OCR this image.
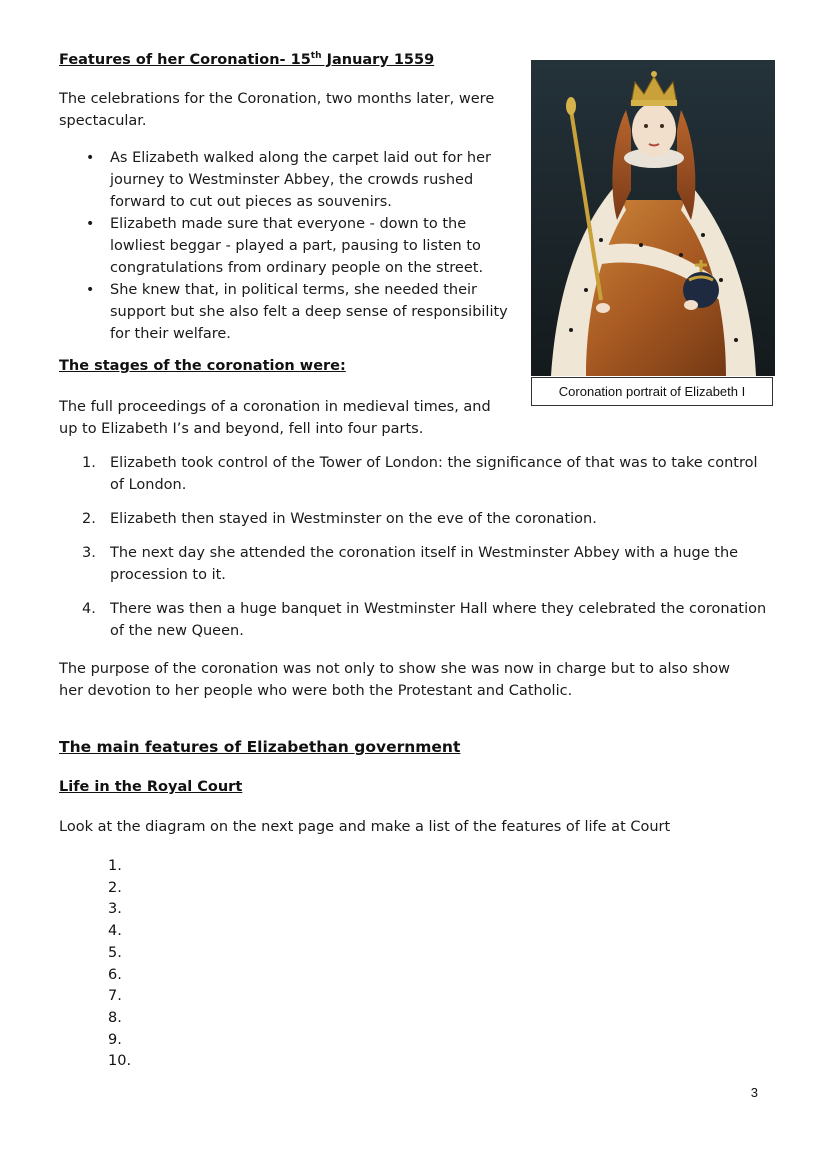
Features of her Coronation- 15th January 1559
The celebrations for the Coronation, two months later, were spectacular.
• As Elizabeth walked along the carpet laid out for her journey to Westminster Abbey, the crowds rushed forward to cut out pieces as souvenirs.
• Elizabeth made sure that everyone - down to the lowliest beggar - played a part, pausing to listen to congratulations from ordinary people on the street.
• She knew that, in political terms, she needed their support but she also felt a deep sense of responsibility for their welfare.
Coronation portrait of Elizabeth I
The stages of the coronation were:
The full proceedings of a coronation in medieval times, and up to Elizabeth I’s and beyond, fell into four parts.
1. Elizabeth took control of the Tower of London: the significance of that was to take control of London.
2. Elizabeth then stayed in Westminster on the eve of the coronation.
3. The next day she attended the coronation itself in Westminster Abbey with a huge the procession to it.
4. There was then a huge banquet in Westminster Hall where they celebrated the coronation of the new Queen.
The purpose of the coronation was not only to show she was now in charge but to also show her devotion to her people who were both the Protestant and Catholic.
The main features of Elizabethan government
Life in the Royal Court
Look at the diagram on the next page and make a list of the features of life at Court
1.
2.
3.
4.
5.
6.
7.
8.
9.
10.
3
